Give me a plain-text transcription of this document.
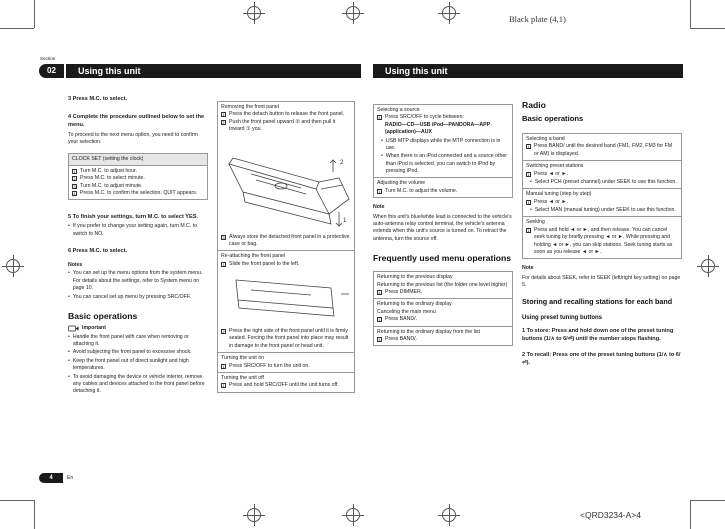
Black plate (4,1)
Section
02	Using this unit	Using this unit
3 Press M.C. to select.
4 Complete the procedure outlined below to set the menu.
To proceed to the next menu option, you need to confirm your selection.
CLOCK SET (setting the clock)
1 Turn M.C. to adjust hour.
2 Press M.C. to select minute.
3 Turn M.C. to adjust minute.
4 Press M.C. to confirm the selection. QUIT appears.
5 To finish your settings, turn M.C. to select YES.
• If you prefer to change your setting again, turn M.C. to switch to NO.
6 Press M.C. to select.
Notes
• You can set up the menu options from the system menu. For details about the settings, refer to System menu on page 10.
• You can cancel set up menu by pressing SRC/OFF.
Basic operations
Important
• Handle the front panel with care when removing or attaching it.
• Avoid subjecting the front panel to excessive shock.
• Keep the front panel out of direct sunlight and high temperatures.
• To avoid damaging the device or vehicle interior, remove any cables and devices attached to the front panel before detaching it.
Removing the front panel
1 Press the detach button to release the front panel.
2 Push the front panel upward ② and then pull it toward ① you.
2
1
3 Always store the detached front panel in a protective case or bag.
Re-attaching the front panel
1 Slide the front panel to the left.
2 Press the right side of the front panel until it is firmly seated. Forcing the front panel into place may result in damage to the front panel or head unit.
Turning the unit on
1 Press SRC/OFF to turn the unit on.
Turning the unit off
1 Press and hold SRC/OFF until the unit turns off.
Selecting a source
1 Press SRC/OFF to cycle between:
RADIO—CD—USB iPod—PANDORA—APP (application)—AUX
• USB MTP displays while the MTP connection is in use.
• When there is an iPod connected and a source other than iPod is selected, you can switch to iPod by pressing iPod.
Adjusting the volume
1 Turn M.C. to adjust the volume.
Note
When this unit's blue/white lead is connected to the vehicle's auto-antenna relay control terminal, the vehicle's antenna extends when this unit's source is turned on. To retract the antenna, turn the source off.
Frequently used menu operations
Returning to the previous display
Returning to the previous list (the folder one level higher)
1 Press DIMMER.
Returning to the ordinary display
Canceling the main menu
1 Press BAND/.
Returning to the ordinary display from the list
1 Press BAND/.
Radio
Basic operations
Selecting a band
1 Press BAND/ until the desired band (FM1, FM2, FM3 for FM or AM) is displayed.
Switching preset stations
1 Press ◄ or ►.
• Select PCH (preset channel) under SEEK to use this function.
Manual tuning (step by step)
1 Press ◄ or ►.
• Select MAN (manual tuning) under SEEK to use this function.
Seeking
1 Press and hold ◄ or ►, and then release. You can cancel seek tuning by briefly pressing ◄ or ►. While pressing and holding ◄ or ►, you can skip stations. Seek tuning starts as soon as you release ◄ or ►.
Note
For details about SEEK, refer to SEEK (left/right key setting) on page 5.
Storing and recalling stations for each band
Using preset tuning buttons
1 To store: Press and hold down one of the preset tuning buttons (1/∧ to 6/⏎) until the number stops flashing.
2 To recall: Press one of the preset tuning buttons (1/∧ to 6/⏎).
4	En
<QRD3234-A>4
